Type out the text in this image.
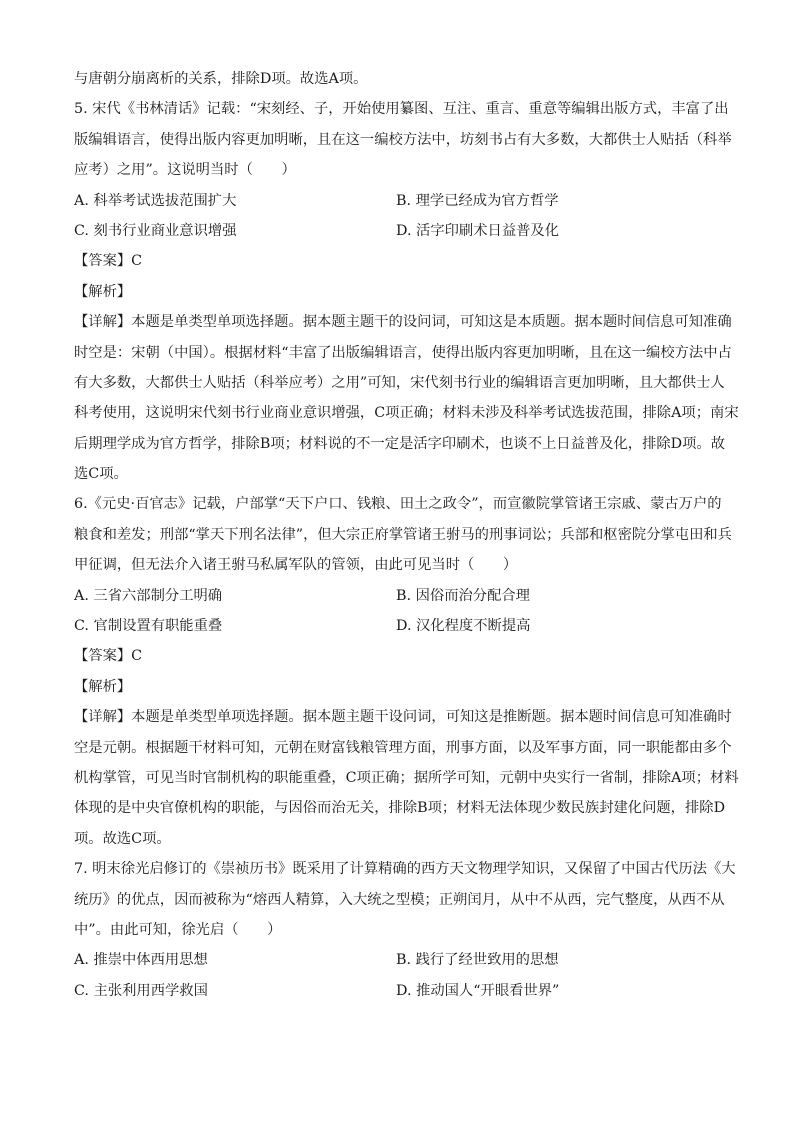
与唐朝分崩离析的关系，排除D项。故选A项。
5. 宋代《书林清话》记载：“宋刻经、子，开始使用纂图、互注、重言、重意等编辑出版方式，丰富了出
版编辑语言，使得出版内容更加明晰，且在这一编校方法中，坊刻书占有大多数，大都供士人贴括（科举
应考）之用”。这说明当时（　　）
A. 科举考试选拔范围扩大	B. 理学已经成为官方哲学
C. 刻书行业商业意识增强	D. 活字印刷术日益普及化
【答案】C
【解析】
【详解】本题是单类型单项选择题。据本题主题干的设问词，可知这是本质题。据本题时间信息可知准确
时空是：宋朝（中国）。根据材料“丰富了出版编辑语言，使得出版内容更加明晰，且在这一编校方法中占
有大多数，大都供士人贴括（科举应考）之用”可知，宋代刻书行业的编辑语言更加明晰，且大都供士人
科考使用，这说明宋代刻书行业商业意识增强，C项正确；材料未涉及科举考试选拔范围，排除A项；南宋
后期理学成为官方哲学，排除B项；材料说的不一定是活字印刷术，也谈不上日益普及化，排除D项。故
选C项。
6.《元史·百官志》记载，户部掌“天下户口、钱粮、田土之政令”，而宣徽院掌管诸王宗戚、蒙古万户的
粮食和差发；刑部“掌天下刑名法律”，但大宗正府掌管诸王驸马的刑事词讼；兵部和枢密院分掌屯田和兵
甲征调，但无法介入诸王驸马私属军队的管领，由此可见当时（　　）
A. 三省六部制分工明确	B. 因俗而治分配合理
C. 官制设置有职能重叠	D. 汉化程度不断提高
【答案】C
【解析】
【详解】本题是单类型单项选择题。据本题主题干设问词，可知这是推断题。据本题时间信息可知准确时
空是元朝。根据题干材料可知，元朝在财富钱粮管理方面，刑事方面，以及军事方面，同一职能都由多个
机构掌管，可见当时官制机构的职能重叠，C项正确；据所学可知，元朝中央实行一省制，排除A项；材料
体现的是中央官僚机构的职能，与因俗而治无关，排除B项；材料无法体现少数民族封建化问题，排除D
项。故选C项。
7. 明末徐光启修订的《崇祯历书》既采用了计算精确的西方天文物理学知识，又保留了中国古代历法《大
统历》的优点，因而被称为“熔西人精算，入大统之型模；正朔闰月，从中不从西，完气整度，从西不从
中”。由此可知，徐光启（　　）
A. 推崇中体西用思想	B. 践行了经世致用的思想
C. 主张利用西学救国	D. 推动国人“开眼看世界”
